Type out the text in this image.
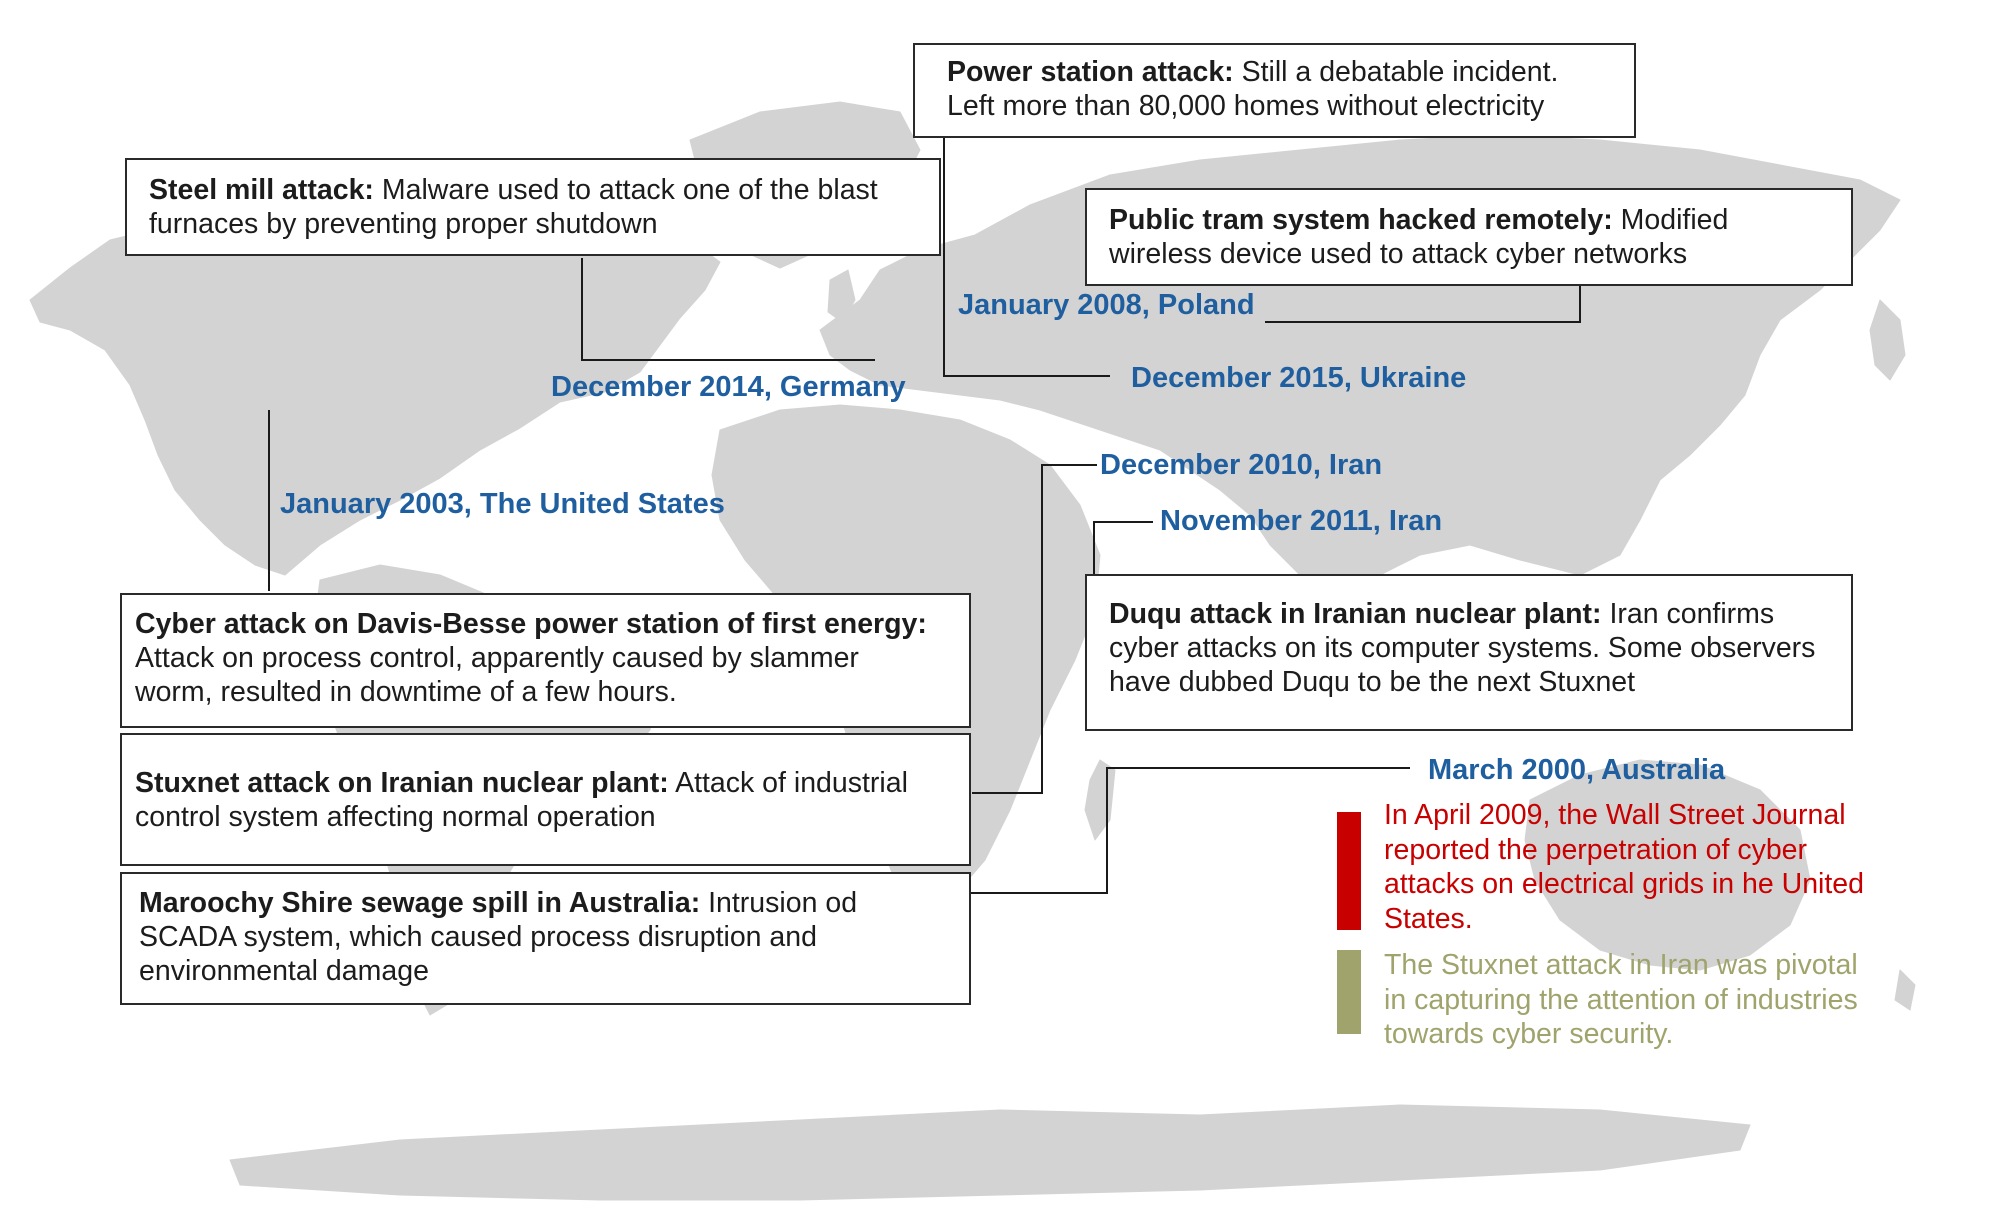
Power station attack: Still a debatable incident.
Left more than 80,000 homes without electricity
Steel mill attack: Malware used to attack one of the blast
furnaces by preventing proper shutdown	Public tram system hacked remotely: Modified
wireless device used to attack cyber networks
Cyber attack on Davis-Besse power station of first energy:
Attack on process control, apparently caused by slammer
worm, resulted in downtime of a few hours.
Stuxnet attack on Iranian nuclear plant: Attack of industrial
control system affecting normal operation
Maroochy Shire sewage spill in Australia: Intrusion od
SCADA system, which caused process disruption and
environmental damage
Duqu attack in Iranian nuclear plant: Iran confirms
cyber attacks on its computer systems. Some observers
have dubbed Duqu to be the next Stuxnet
December 2015, Ukraine
December 2014, Germany
January 2008, Poland
January 2003, The United States
December 2010, Iran
November 2011, Iran
March 2000, Australia
In April 2009, the Wall Street Journal
reported the perpetration of cyber
attacks on electrical grids in he United
States.
The Stuxnet attack in Iran was pivotal
in capturing the attention of industries
towards cyber security.
